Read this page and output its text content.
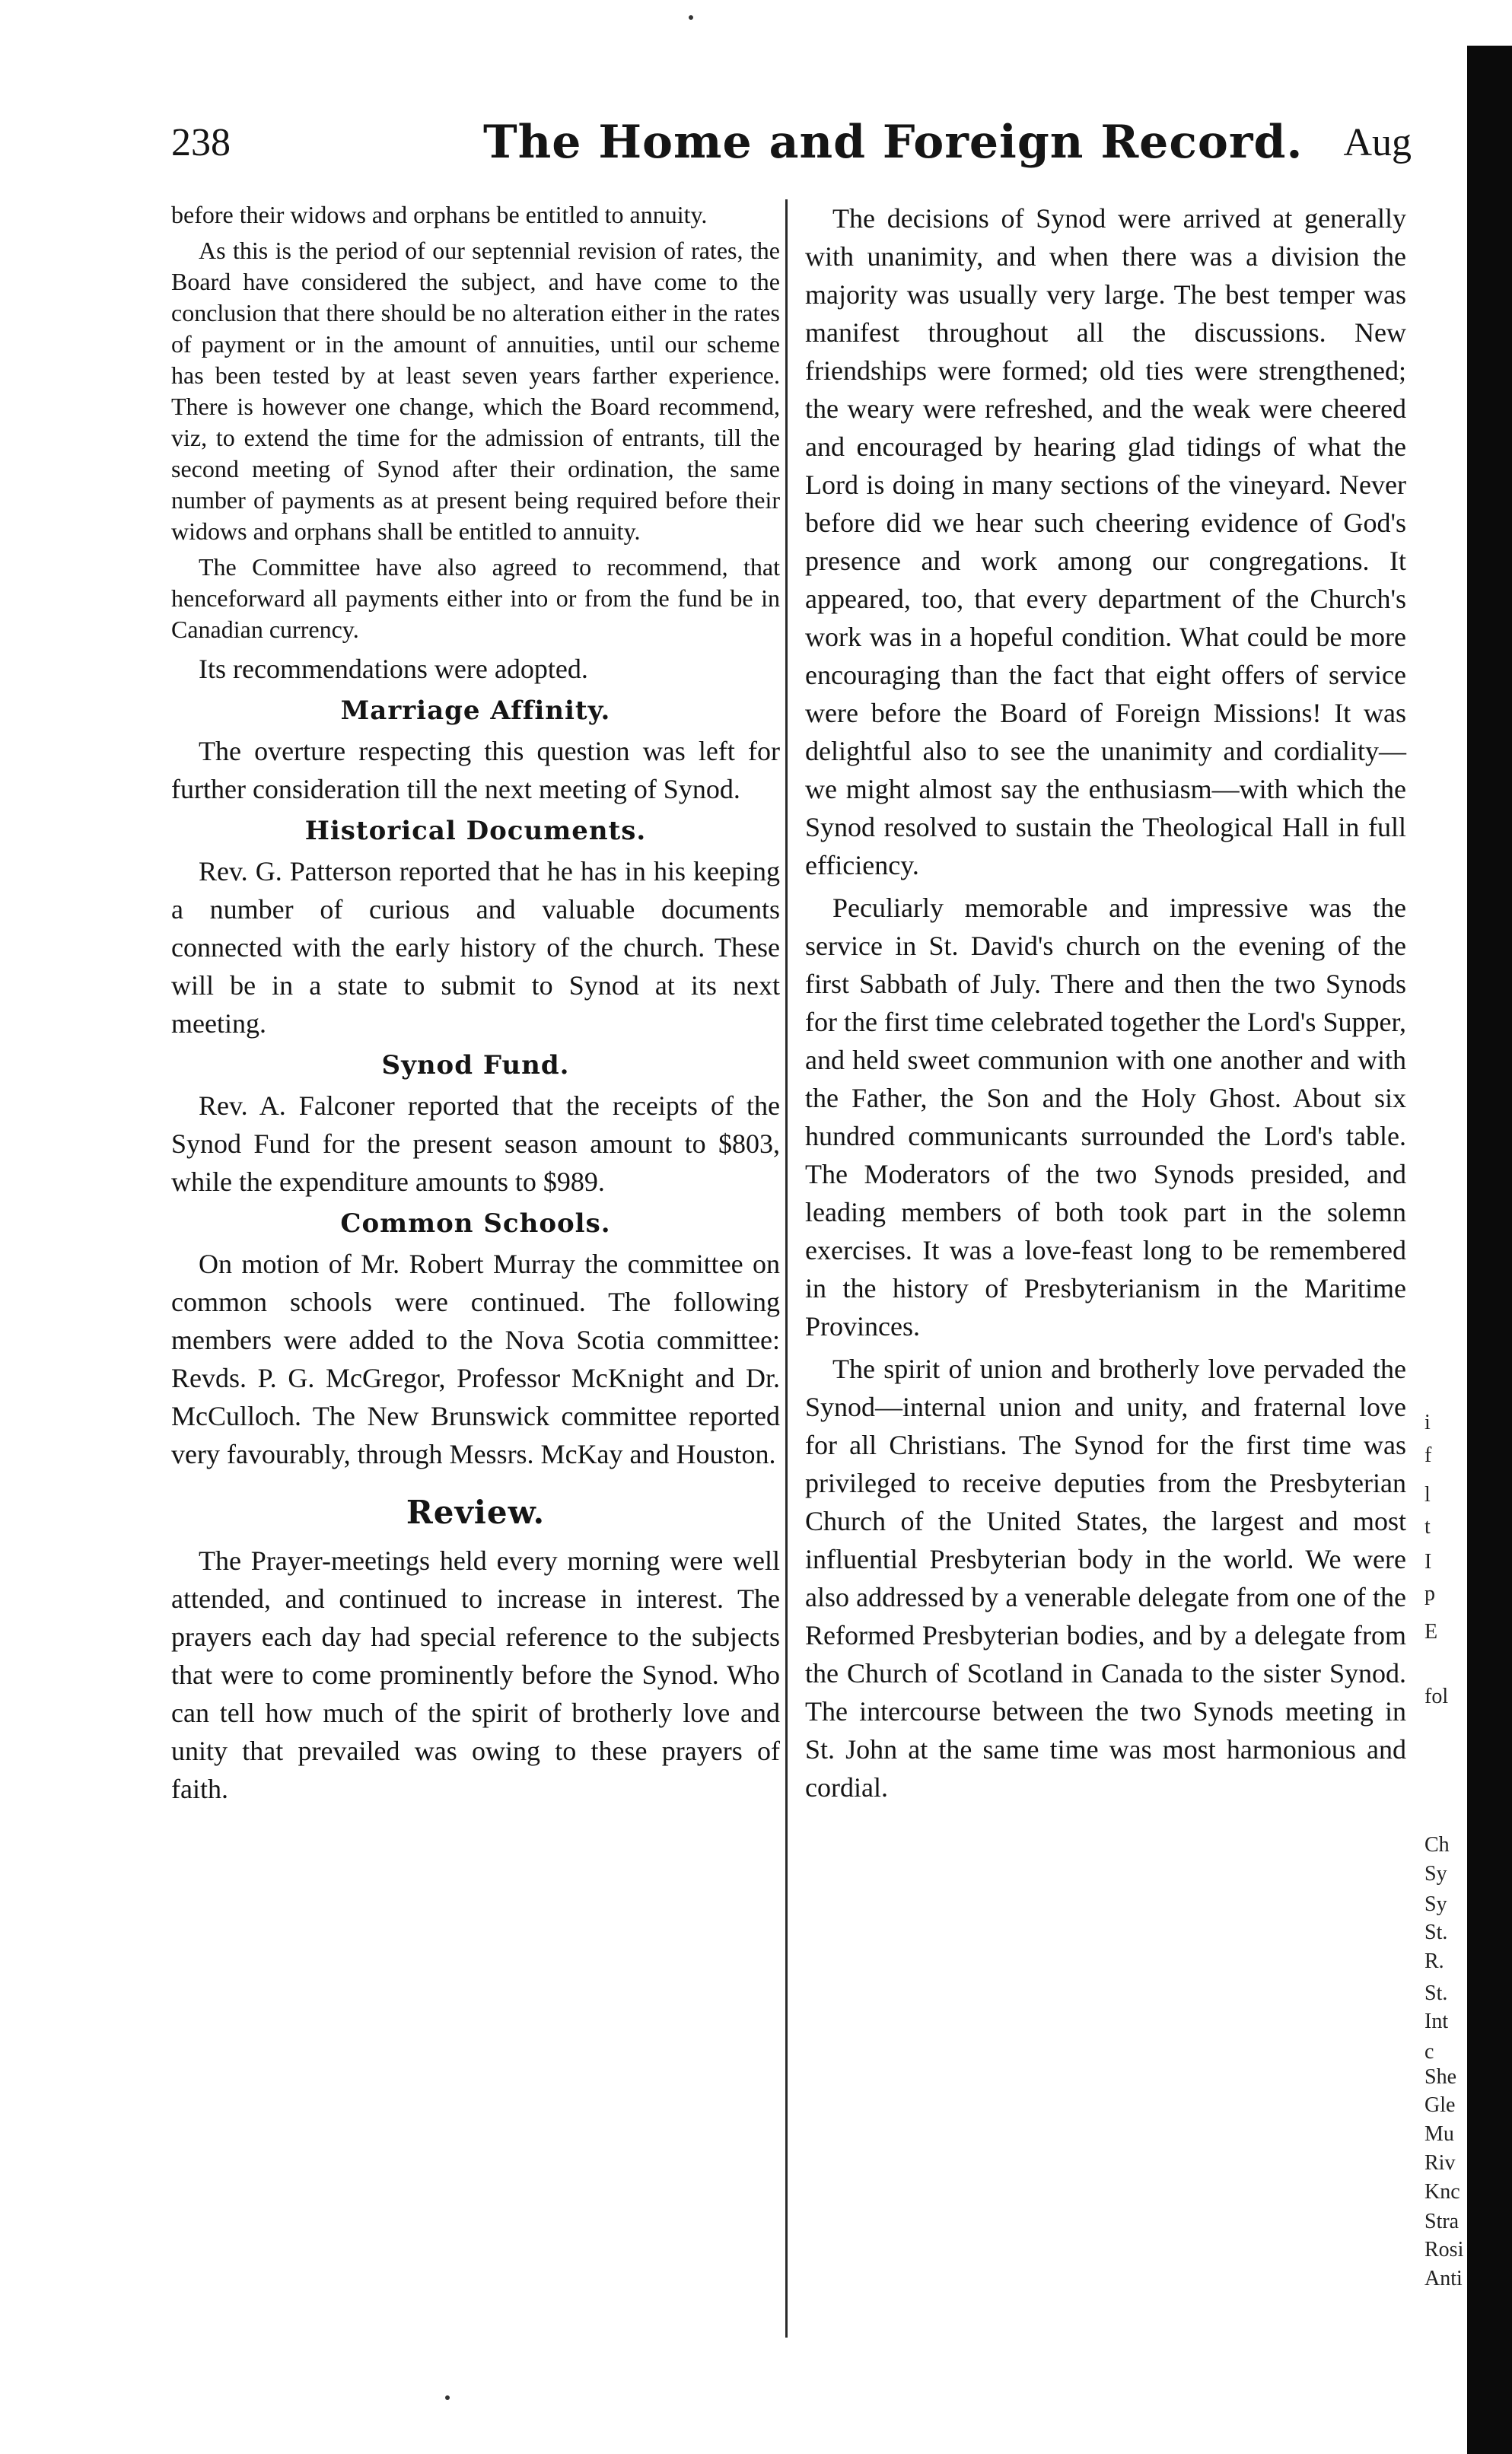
238	The Home and Foreign Record. Aug

before their widows and orphans be entitled to annuity.

As this is the period of our septennial revision of rates, the Board have considered the subject, and have come to the conclusion that there should be no alteration either in the rates of payment or in the amount of annuities, until our scheme has been tested by at least seven years farther experience. There is however one change, which the Board recommend, viz, to extend the time for the admission of entrants, till the second meeting of Synod after their ordination, the same number of payments as at present being required before their widows and orphans shall be entitled to annuity.

The Committee have also agreed to recommend, that henceforward all payments either into or from the fund be in Canadian currency.

Its recommendations were adopted.

Marriage Affinity.

The overture respecting this question was left for further consideration till the next meeting of Synod.

Historical Documents.

Rev. G. Patterson reported that he has in his keeping a number of curious and valuable documents connected with the early history of the church. These will be in a state to submit to Synod at its next meeting.

Synod Fund.

Rev. A. Falconer reported that the receipts of the Synod Fund for the present season amount to $803, while the expenditure amounts to $989.

Common Schools.

On motion of Mr. Robert Murray the committee on common schools were continued. The following members were added to the Nova Scotia committee: Revds. P. G. McGregor, Professor McKnight and Dr. McCulloch. The New Brunswick committee reported very favourably, through Messrs. McKay and Houston.

Review.

The Prayer-meetings held every morning were well attended, and continued to increase in interest. The prayers each day had special reference to the subjects that were to come prominently before the Synod. Who can tell how much of the spirit of brotherly love and unity that prevailed was owing to these prayers of faith.

The decisions of Synod were arrived at generally with unanimity, and when there was a division the majority was usually very large. The best temper was manifest throughout all the discussions. New friendships were formed; old ties were strengthened; the weary were refreshed, and the weak were cheered and encouraged by hearing glad tidings of what the Lord is doing in many sections of the vineyard. Never before did we hear such cheering evidence of God's presence and work among our congregations. It appeared, too, that every department of the Church's work was in a hopeful condition. What could be more encouraging than the fact that eight offers of service were before the Board of Foreign Missions! It was delightful also to see the unanimity and cordiality—we might almost say the enthusiasm—with which the Synod resolved to sustain the Theological Hall in full efficiency.

Peculiarly memorable and impressive was the service in St. David's church on the evening of the first Sabbath of July. There and then the two Synods for the first time celebrated together the Lord's Supper, and held sweet communion with one another and with the Father, the Son and the Holy Ghost. About six hundred communicants surrounded the Lord's table. The Moderators of the two Synods presided, and leading members of both took part in the solemn exercises. It was a love-feast long to be remembered in the history of Presbyterianism in the Maritime Provinces.

The spirit of union and brotherly love pervaded the Synod—internal union and unity, and fraternal love for all Christians. The Synod for the first time was privileged to receive deputies from the Presbyterian Church of the United States, the largest and most influential Presbyterian body in the world. We were also addressed by a venerable delegate from one of the Reformed Presbyterian bodies, and by a delegate from the Church of Scotland in Canada to the sister Synod. The intercourse between the two Synods meeting in St. John at the same time was most harmonious and cordial.

i
f
l
t
I
p
E
fol
Ch
Sy
Sy
St.
R.
St.
Int
c
She
Gle
Mu
Riv
Knc
Stra
Rosi
Anti
